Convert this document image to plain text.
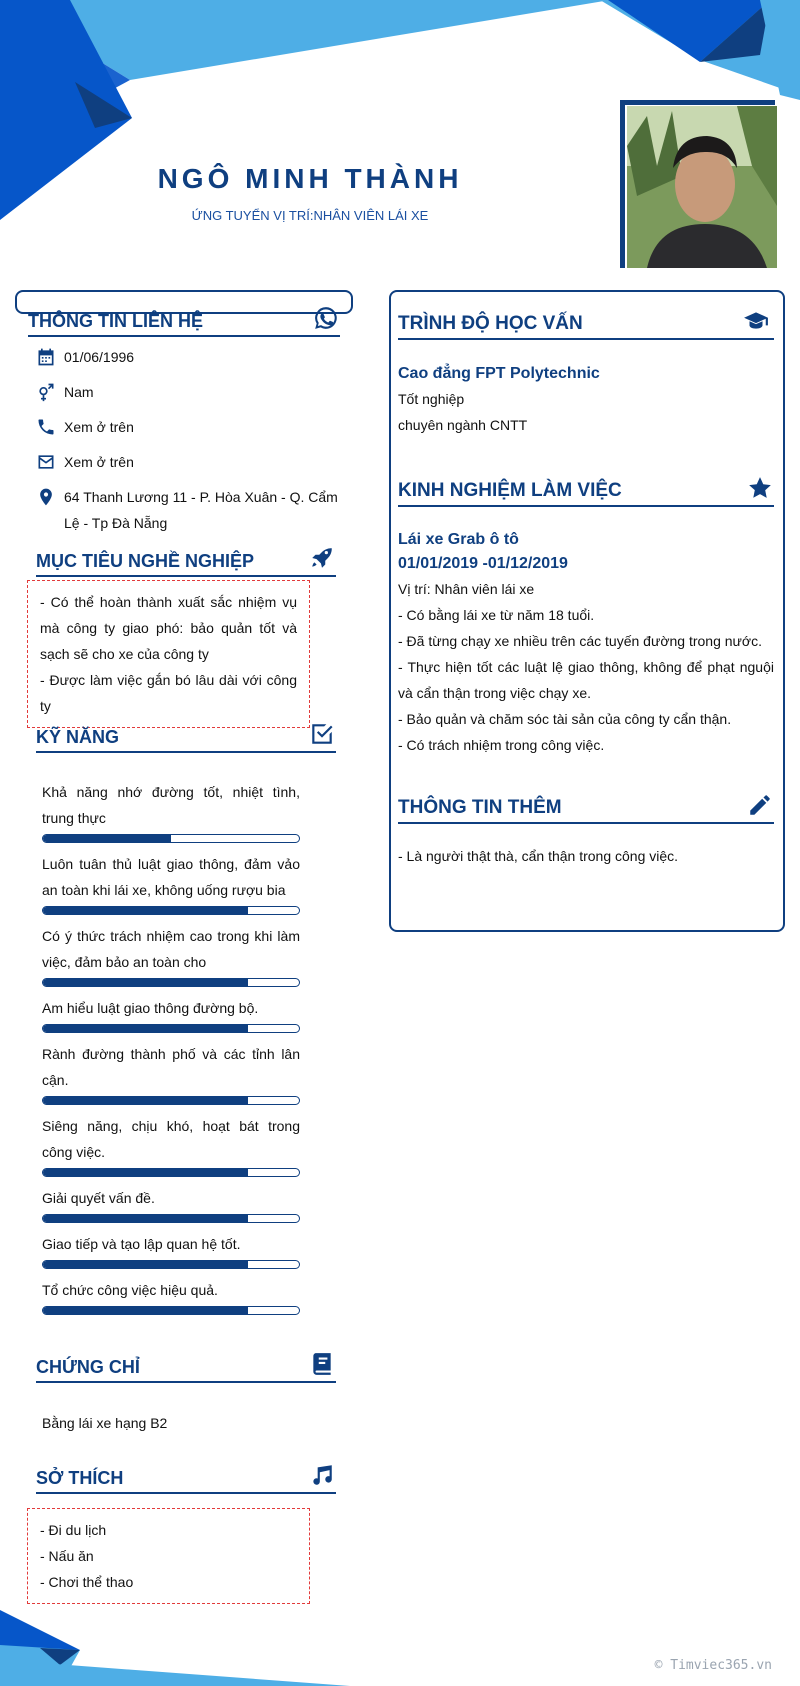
NGÔ MINH THÀNH
ỨNG TUYỂN VỊ TRÍ:NHÂN VIÊN LÁI XE
THÔNG TIN LIÊN HỆ
01/06/1996
Nam
Xem ở trên
Xem ở trên
64 Thanh Lương 11 - P. Hòa Xuân - Q. Cẩm Lệ - Tp Đà Nẵng
MỤC TIÊU NGHỀ NGHIỆP
- Có thể hoàn thành xuất sắc nhiệm vụ mà công ty giao phó: bảo quản tốt và sạch sẽ cho xe của công ty
- Được làm việc gắn bó lâu dài với công ty
KỸ NĂNG
Khả năng nhớ đường tốt, nhiệt tình, trung thực
Luôn tuân thủ luật giao thông, đảm vảo an toàn khi lái xe, không uống rượu bia
Có ý thức trách nhiệm cao trong khi làm việc, đảm bảo an toàn cho
Am hiểu luật giao thông đường bộ.
Rành đường thành phố và các tỉnh lân cận.
Siêng năng, chịu khó, hoạt bát trong công việc.
Giải quyết vấn đề.
Giao tiếp và tạo lập quan hệ tốt.
Tổ chức công việc hiệu quả.
CHỨNG CHỈ
Bằng lái xe hạng B2
SỞ THÍCH
- Đi du lịch
- Nấu ăn
- Chơi thể thao
TRÌNH ĐỘ HỌC VẤN
Cao đẳng FPT Polytechnic
Tốt nghiệp
chuyên ngành CNTT
KINH NGHIỆM LÀM VIỆC
Lái xe Grab ô tô
01/01/2019 -01/12/2019
Vị trí: Nhân viên lái xe
- Có bằng lái xe từ năm 18 tuổi.
- Đã từng chạy xe nhiều trên các tuyến đường trong nước.
- Thực hiện tốt các luật lệ giao thông, không để phạt nguội và cẩn thận trong việc chạy xe.
- Bảo quản và chăm sóc tài sản của công ty cẩn thận.
- Có trách nhiệm trong công việc.
THÔNG TIN THÊM
- Là người thật thà, cẩn thận trong công việc.
© Timviec365.vn
